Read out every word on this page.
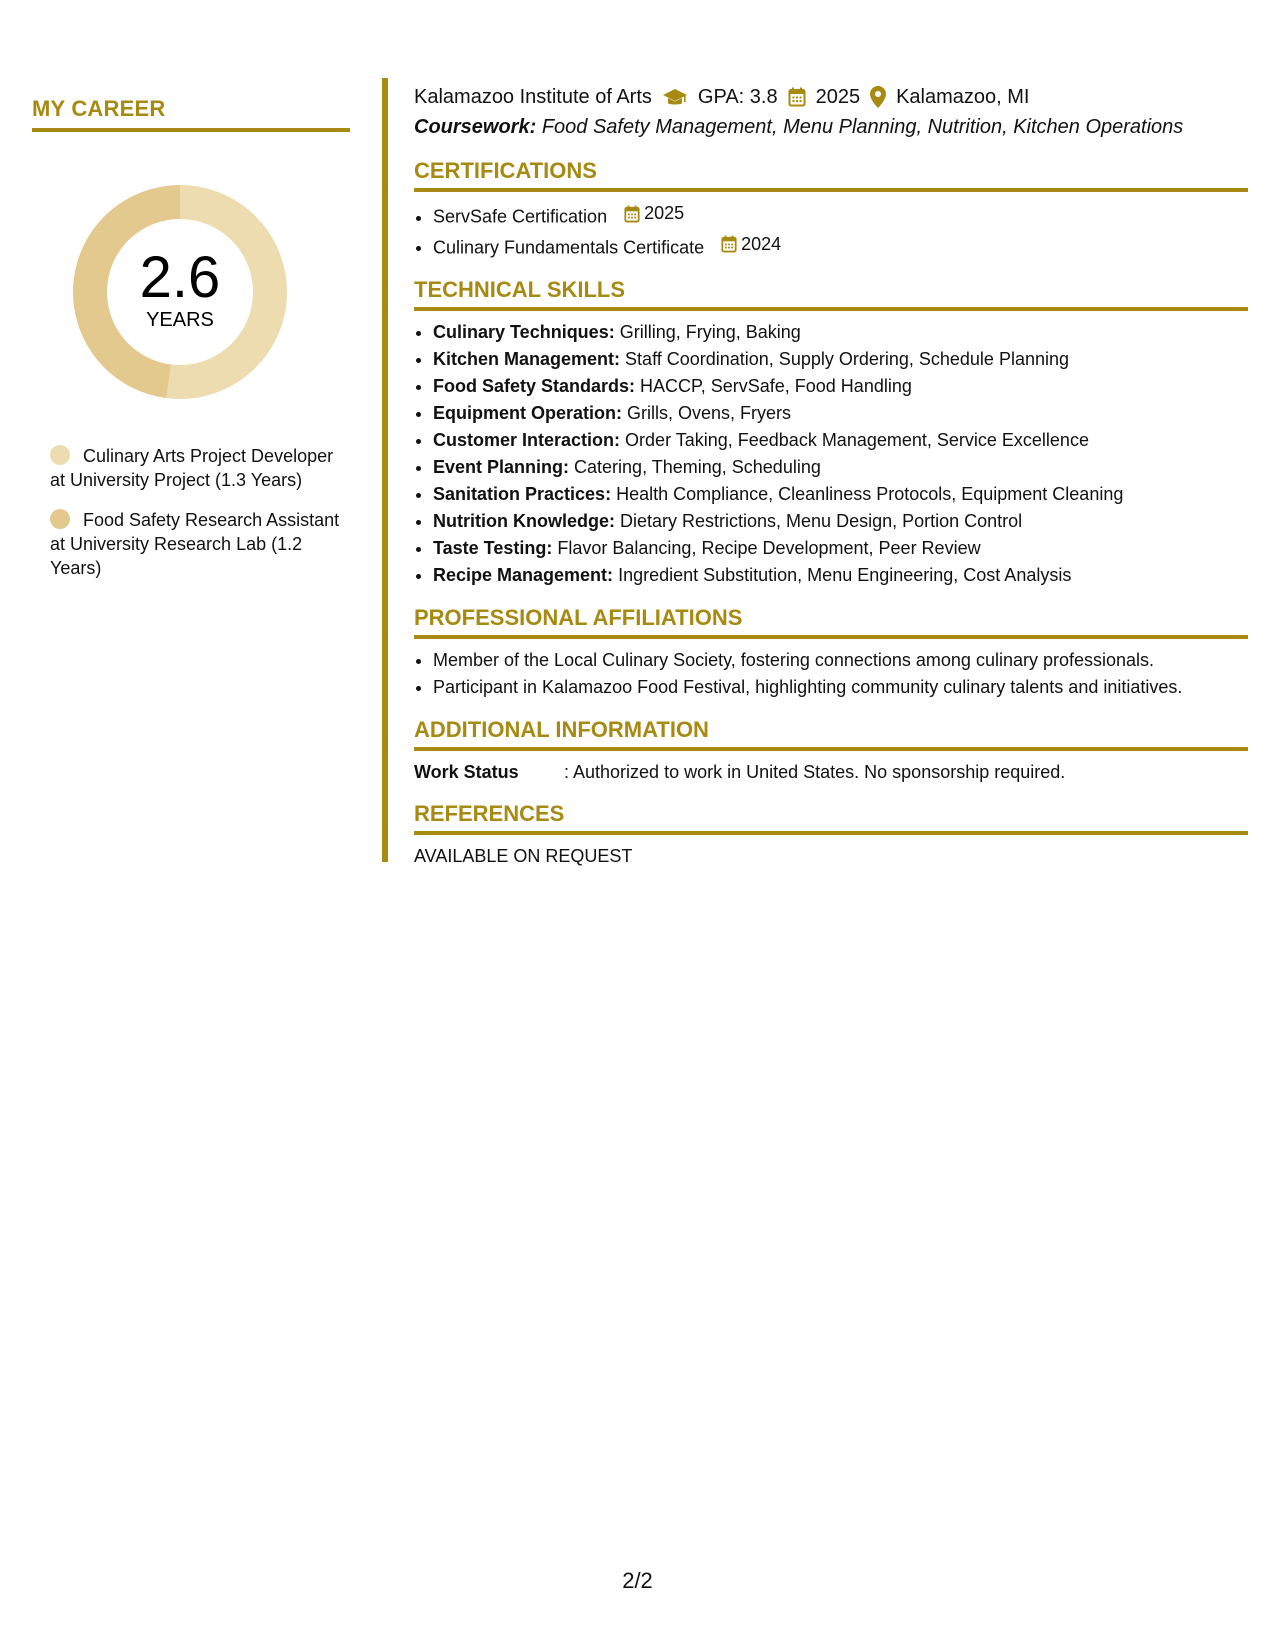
MY CAREER
2.6
YEARS
Culinary Arts Project Developer at University Project (1.3 Years)
Food Safety Research Assistant at University Research Lab (1.2 Years)
Kalamazoo Institute of Arts GPA: 3.8 2025 Kalamazoo, MI
Coursework: Food Safety Management, Menu Planning, Nutrition, Kitchen Operations
CERTIFICATIONS
• ServSafe Certification 2025
• Culinary Fundamentals Certificate 2024
TECHNICAL SKILLS
• Culinary Techniques: Grilling, Frying, Baking
• Kitchen Management: Staff Coordination, Supply Ordering, Schedule Planning
• Food Safety Standards: HACCP, ServSafe, Food Handling
• Equipment Operation: Grills, Ovens, Fryers
• Customer Interaction: Order Taking, Feedback Management, Service Excellence
• Event Planning: Catering, Theming, Scheduling
• Sanitation Practices: Health Compliance, Cleanliness Protocols, Equipment Cleaning
• Nutrition Knowledge: Dietary Restrictions, Menu Design, Portion Control
• Taste Testing: Flavor Balancing, Recipe Development, Peer Review
• Recipe Management: Ingredient Substitution, Menu Engineering, Cost Analysis
PROFESSIONAL AFFILIATIONS
• Member of the Local Culinary Society, fostering connections among culinary professionals.
• Participant in Kalamazoo Food Festival, highlighting community culinary talents and initiatives.
ADDITIONAL INFORMATION
Work Status	: Authorized to work in United States. No sponsorship required.
REFERENCES
AVAILABLE ON REQUEST
2/2
